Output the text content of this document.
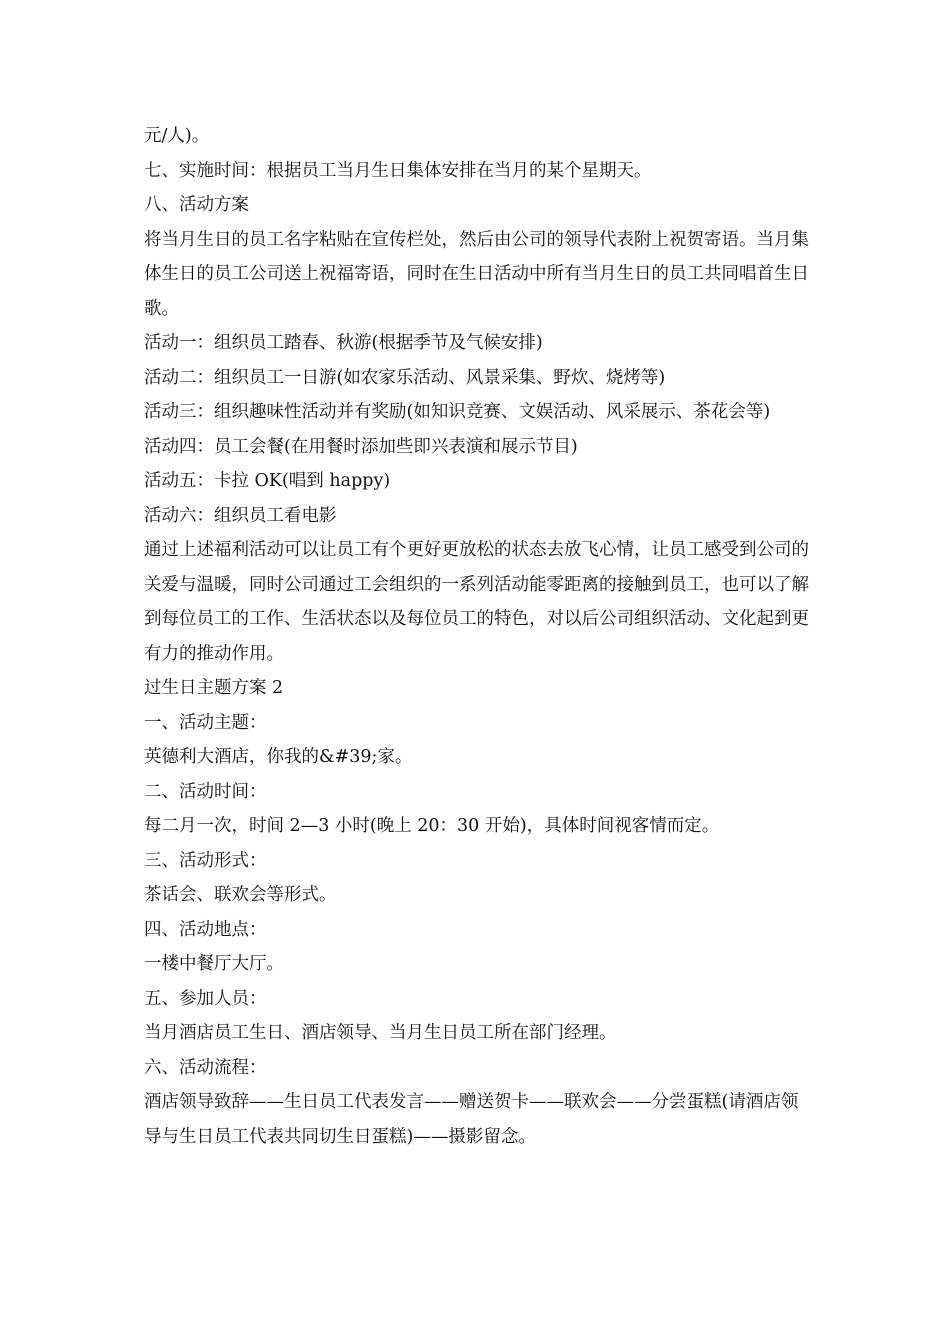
元/人)。

七、实施时间：根据员工当月生日集体安排在当月的某个星期天。

八、活动方案

将当月生日的员工名字粘贴在宣传栏处，然后由公司的领导代表附上祝贺寄语。当月集体生日的员工公司送上祝福寄语，同时在生日活动中所有当月生日的员工共同唱首生日歌。

活动一：组织员工踏春、秋游(根据季节及气候安排)

活动二：组织员工一日游(如农家乐活动、风景采集、野炊、烧烤等)

活动三：组织趣味性活动并有奖励(如知识竞赛、文娱活动、风采展示、茶花会等)

活动四：员工会餐(在用餐时添加些即兴表演和展示节目)

活动五：卡拉 OK(唱到 happy)

活动六：组织员工看电影

通过上述福利活动可以让员工有个更好更放松的状态去放飞心情，让员工感受到公司的关爱与温暖，同时公司通过工会组织的一系列活动能零距离的接触到员工，也可以了解到每位员工的工作、生活状态以及每位员工的特色，对以后公司组织活动、文化起到更有力的推动作用。

过生日主题方案 2

一、活动主题：

英德利大酒店，你我的&#39;家。

二、活动时间：

每二月一次，时间 2—3 小时(晚上 20：30 开始)，具体时间视客情而定。

三、活动形式：

茶话会、联欢会等形式。

四、活动地点：

一楼中餐厅大厅。

五、参加人员：

当月酒店员工生日、酒店领导、当月生日员工所在部门经理。

六、活动流程：

酒店领导致辞——生日员工代表发言——赠送贺卡——联欢会——分尝蛋糕(请酒店领导与生日员工代表共同切生日蛋糕)——摄影留念。
